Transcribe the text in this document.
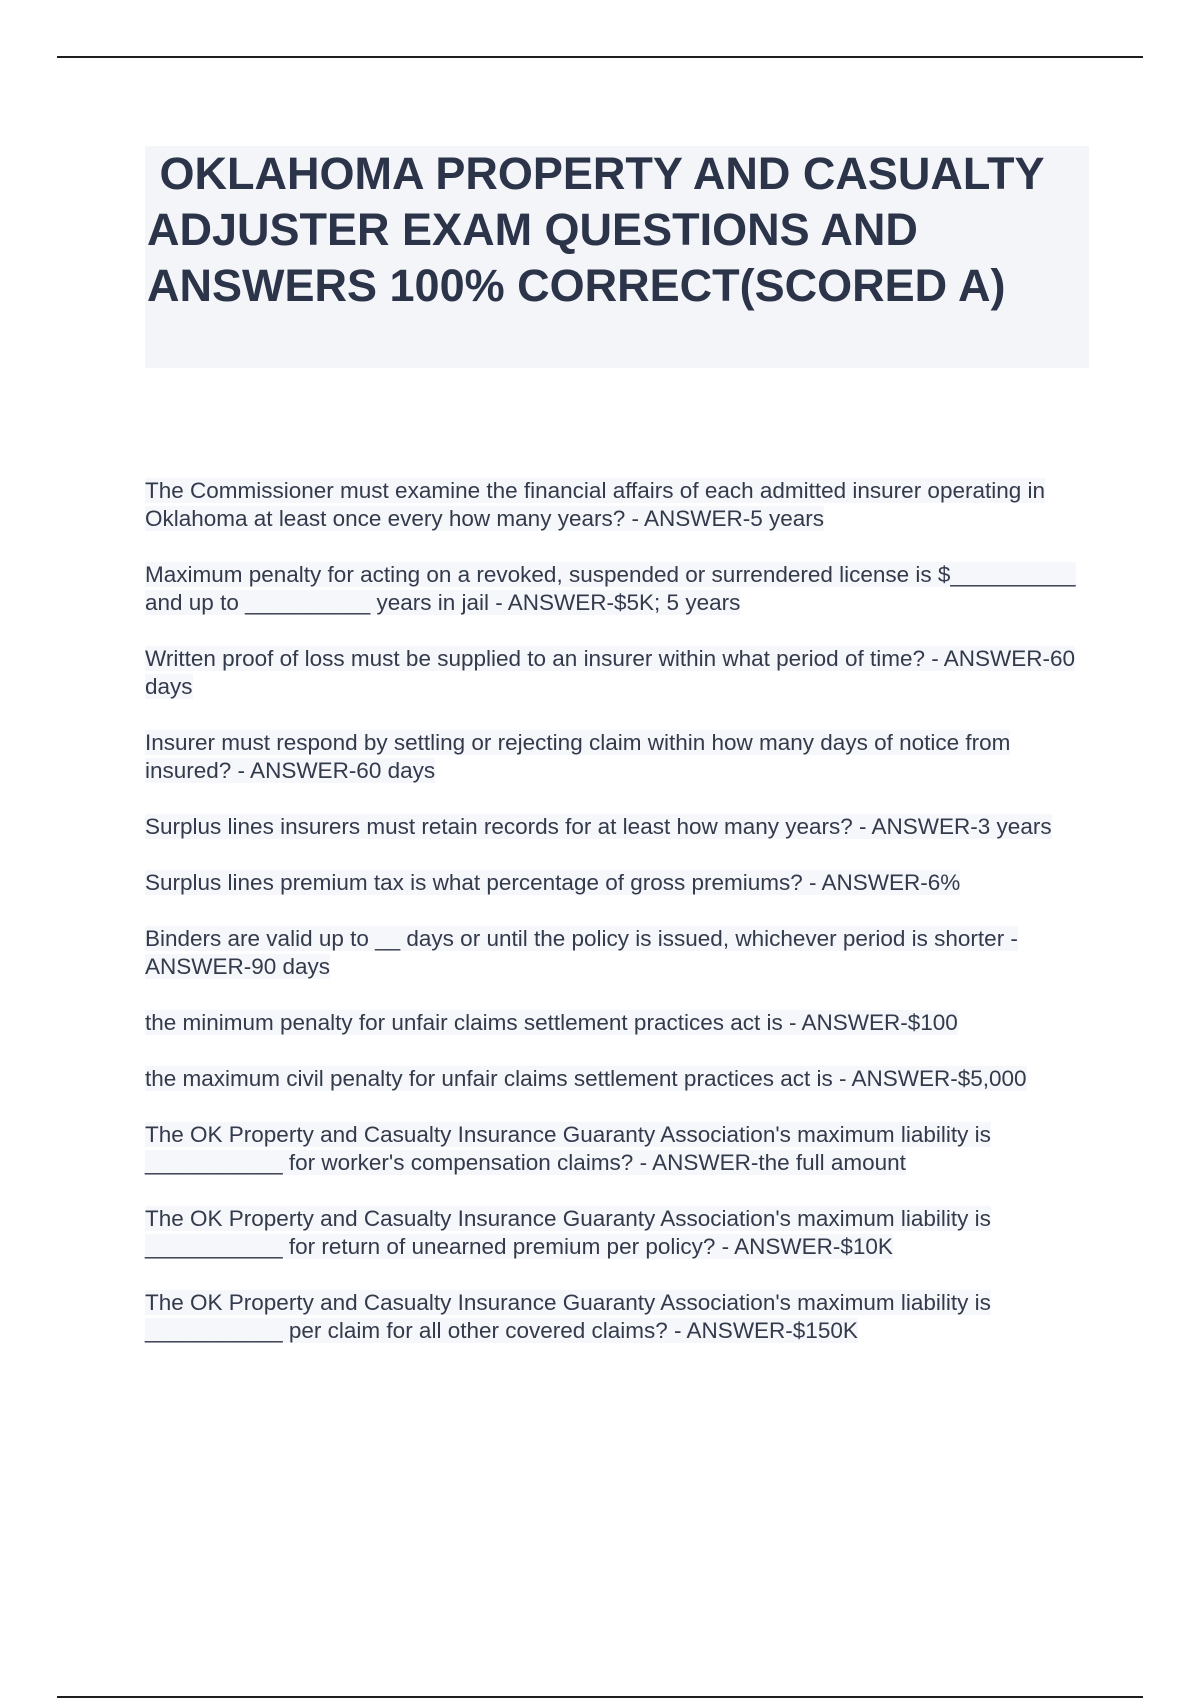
OKLAHOMA PROPERTY AND CASUALTY ADJUSTER EXAM QUESTIONS AND ANSWERS 100% CORRECT(SCORED A)

The Commissioner must examine the financial affairs of each admitted insurer operating in Oklahoma at least once every how many years? - ANSWER-5 years

Maximum penalty for acting on a revoked, suspended or surrendered license is $__________ and up to __________ years in jail - ANSWER-$5K; 5 years

Written proof of loss must be supplied to an insurer within what period of time? - ANSWER-60 days

Insurer must respond by settling or rejecting claim within how many days of notice from insured? - ANSWER-60 days

Surplus lines insurers must retain records for at least how many years? - ANSWER-3 years

Surplus lines premium tax is what percentage of gross premiums? - ANSWER-6%

Binders are valid up to __ days or until the policy is issued, whichever period is shorter - ANSWER-90 days

the minimum penalty for unfair claims settlement practices act is - ANSWER-$100

the maximum civil penalty for unfair claims settlement practices act is - ANSWER-$5,000

The OK Property and Casualty Insurance Guaranty Association's maximum liability is ___________ for worker's compensation claims? - ANSWER-the full amount

The OK Property and Casualty Insurance Guaranty Association's maximum liability is ___________ for return of unearned premium per policy? - ANSWER-$10K

The OK Property and Casualty Insurance Guaranty Association's maximum liability is ___________ per claim for all other covered claims? - ANSWER-$150K
